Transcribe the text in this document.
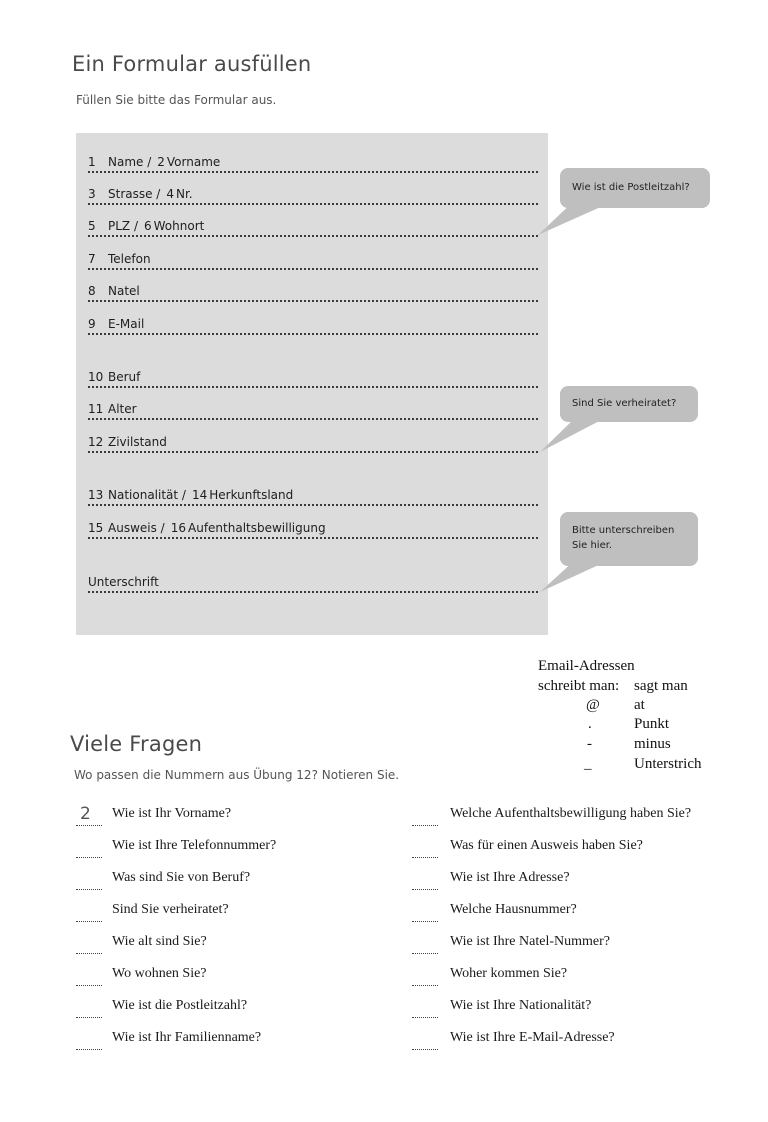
Ein Formular ausfüllen
Füllen Sie bitte das Formular aus.
1 Name / 2 Vorname
3 Strasse / 4 Nr.
5 PLZ / 6 Wohnort
7 Telefon
8 Natel
9 E-Mail
10 Beruf
11 Alter
12 Zivilstand
13 Nationalität / 14 Herkunftsland
15 Ausweis / 16 Aufenthaltsbewilligung
Unterschrift
Wie ist die Postleitzahl?
Sind Sie verheiratet?
Bitte unterschreiben
Sie hier.
Email-Adressen
schreibt man: sagt man
@ at
.	Punkt
-	minus
_	Unterstrich
Viele Fragen
Wo passen die Nummern aus Übung 12? Notieren Sie.
2 Wie ist Ihr Vorname?
Wie ist Ihre Telefonnummer?
Was sind Sie von Beruf?
Sind Sie verheiratet?
Wie alt sind Sie?
Wo wohnen Sie?
Wie ist die Postleitzahl?
Wie ist Ihr Familienname?
Welche Aufenthaltsbewilligung haben Sie?
Was für einen Ausweis haben Sie?
Wie ist Ihre Adresse?
Welche Hausnummer?
Wie ist Ihre Natel-Nummer?
Woher kommen Sie?
Wie ist Ihre Nationalität?
Wie ist Ihre E-Mail-Adresse?
